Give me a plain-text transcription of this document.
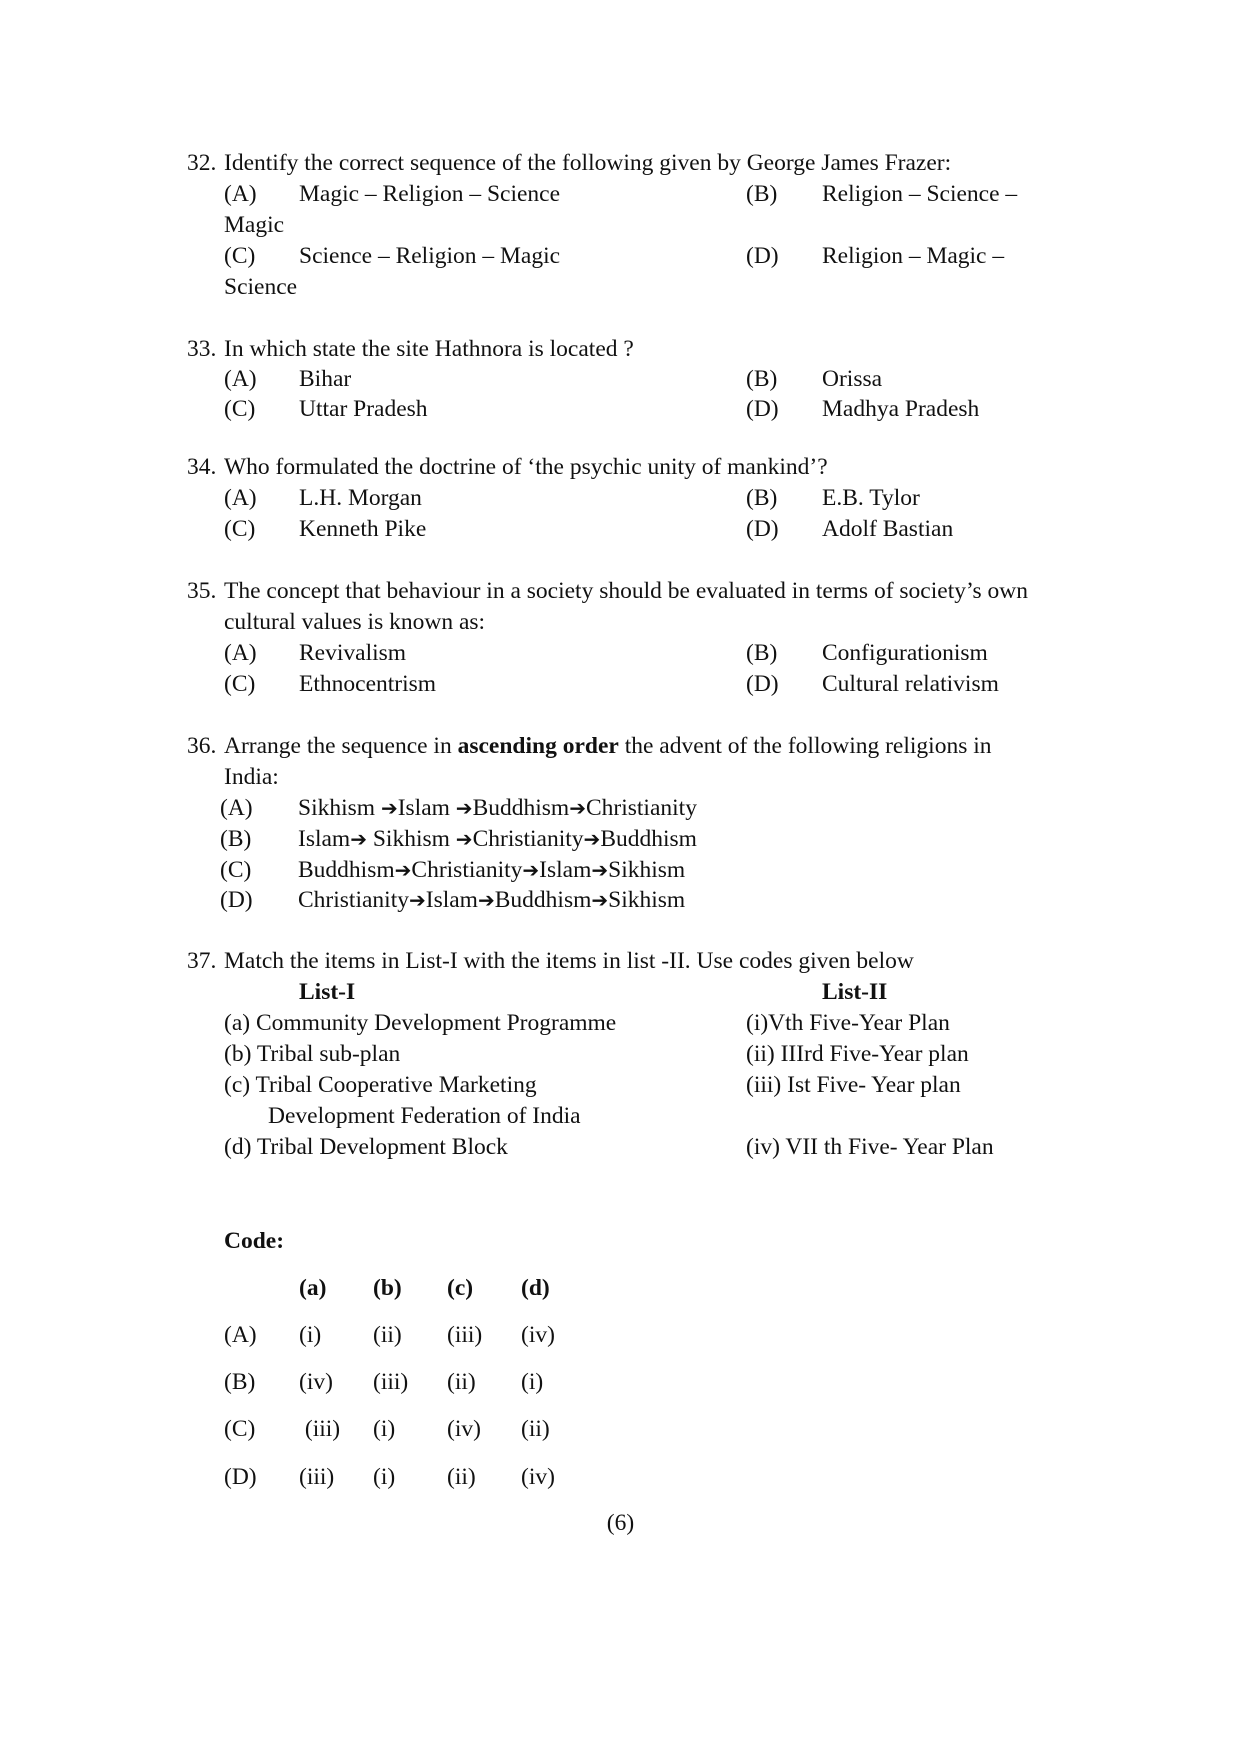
32. Identify the correct sequence of the following given by George James Frazer:
(A) Magic – Religion – Science	(B) Religion – Science –
Magic
(C) Science – Religion – Magic	(D) Religion – Magic –
Science
33. In which state the site Hathnora is located ?
(A) Bihar	(B) Orissa
(C) Uttar Pradesh	(D) Madhya Pradesh
34. Who formulated the doctrine of ‘the psychic unity of mankind’?
(A) L.H. Morgan	(B) E.B. Tylor
(C) Kenneth Pike	(D) Adolf Bastian
35. The concept that behaviour in a society should be evaluated in terms of society’s own
cultural values is known as:
(A) Revivalism	(B) Configurationism
(C) Ethnocentrism	(D) Cultural relativism
36. Arrange the sequence in ascending order the advent of the following religions in
India:
(A) Sikhism ➔Islam ➔Buddhism➔Christianity
(B) Islam➔ Sikhism ➔Christianity➔Buddhism
(C) Buddhism➔Christianity➔Islam➔Sikhism
(D) Christianity➔Islam➔Buddhism➔Sikhism
37. Match the items in List-I with the items in list -II. Use codes given below
List-I	List-II
(a) Community Development Programme	(i)Vth Five-Year Plan
(b) Tribal sub-plan	(ii) IIIrd Five-Year plan
(c) Tribal Cooperative Marketing	(iii) Ist Five- Year plan
Development Federation of India
(d) Tribal Development Block	(iv) VII th Five- Year Plan
Code:
(a) (b) (c) (d)
(A) (i) (ii) (iii) (iv)
(B) (iv) (iii) (ii) (i)
(C) (iii) (i) (iv) (ii)
(D) (iii) (i) (ii) (iv)
(6)
